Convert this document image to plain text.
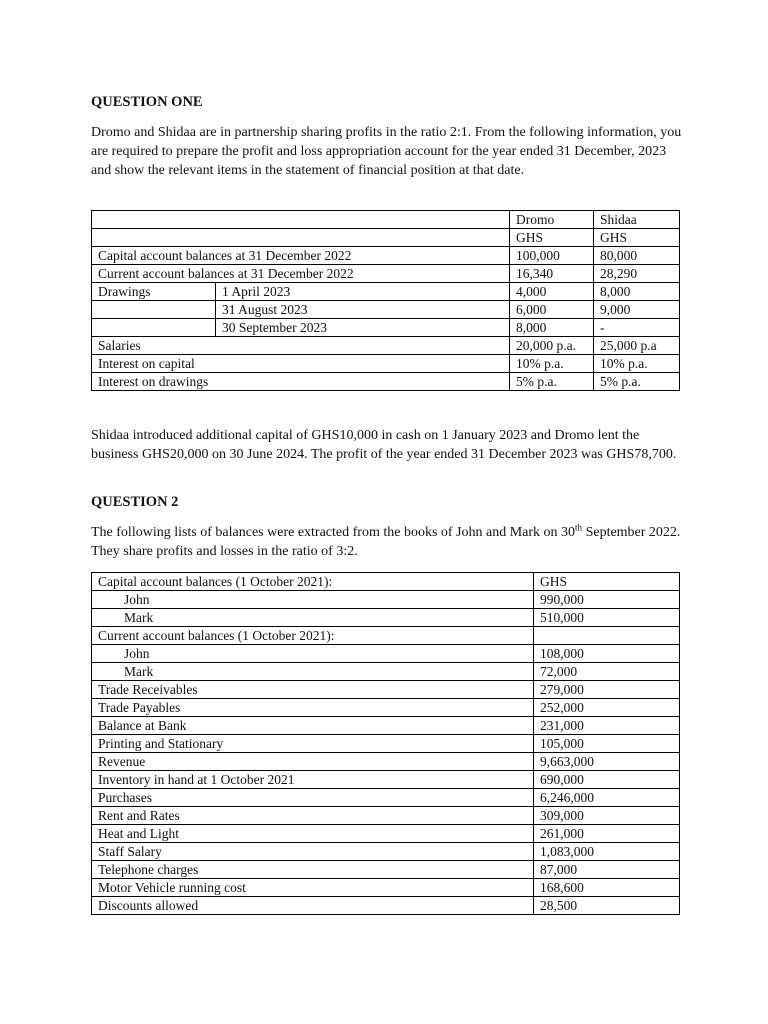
QUESTION ONE
Dromo and Shidaa are in partnership sharing profits in the ratio 2:1. From the following information, you are required to prepare the profit and loss appropriation account for the year ended 31 December, 2023 and show the relevant items in the statement of financial position at that date.
		Dromo	Shidaa
		GHS	GHS
Capital account balances at 31 December 2022		100,000	80,000
Current account balances at 31 December 2022		16,340	28,290
Drawings	1 April 2023	4,000	8,000
	31 August 2023	6,000	9,000
	30 September 2023	8,000	-
Salaries		20,000 p.a.	25,000 p.a
Interest on capital		10% p.a.	10% p.a.
Interest on drawings		5% p.a.	5% p.a.
Shidaa introduced additional capital of GHS10,000 in cash on 1 January 2023 and Dromo lent the business GHS20,000 on 30 June 2024. The profit of the year ended 31 December 2023 was GHS78,700.
QUESTION 2
The following lists of balances were extracted from the books of John and Mark on 30th September 2022. They share profits and losses in the ratio of 3:2.
Capital account balances (1 October 2021):	GHS
John	990,000
Mark	510,000
Current account balances (1 October 2021):	
John	108,000
Mark	72,000
Trade Receivables	279,000
Trade Payables	252,000
Balance at Bank	231,000
Printing and Stationary	105,000
Revenue	9,663,000
Inventory in hand at 1 October 2021	690,000
Purchases	6,246,000
Rent and Rates	309,000
Heat and Light	261,000
Staff Salary	1,083,000
Telephone charges	87,000
Motor Vehicle running cost	168,600
Discounts allowed	28,500
